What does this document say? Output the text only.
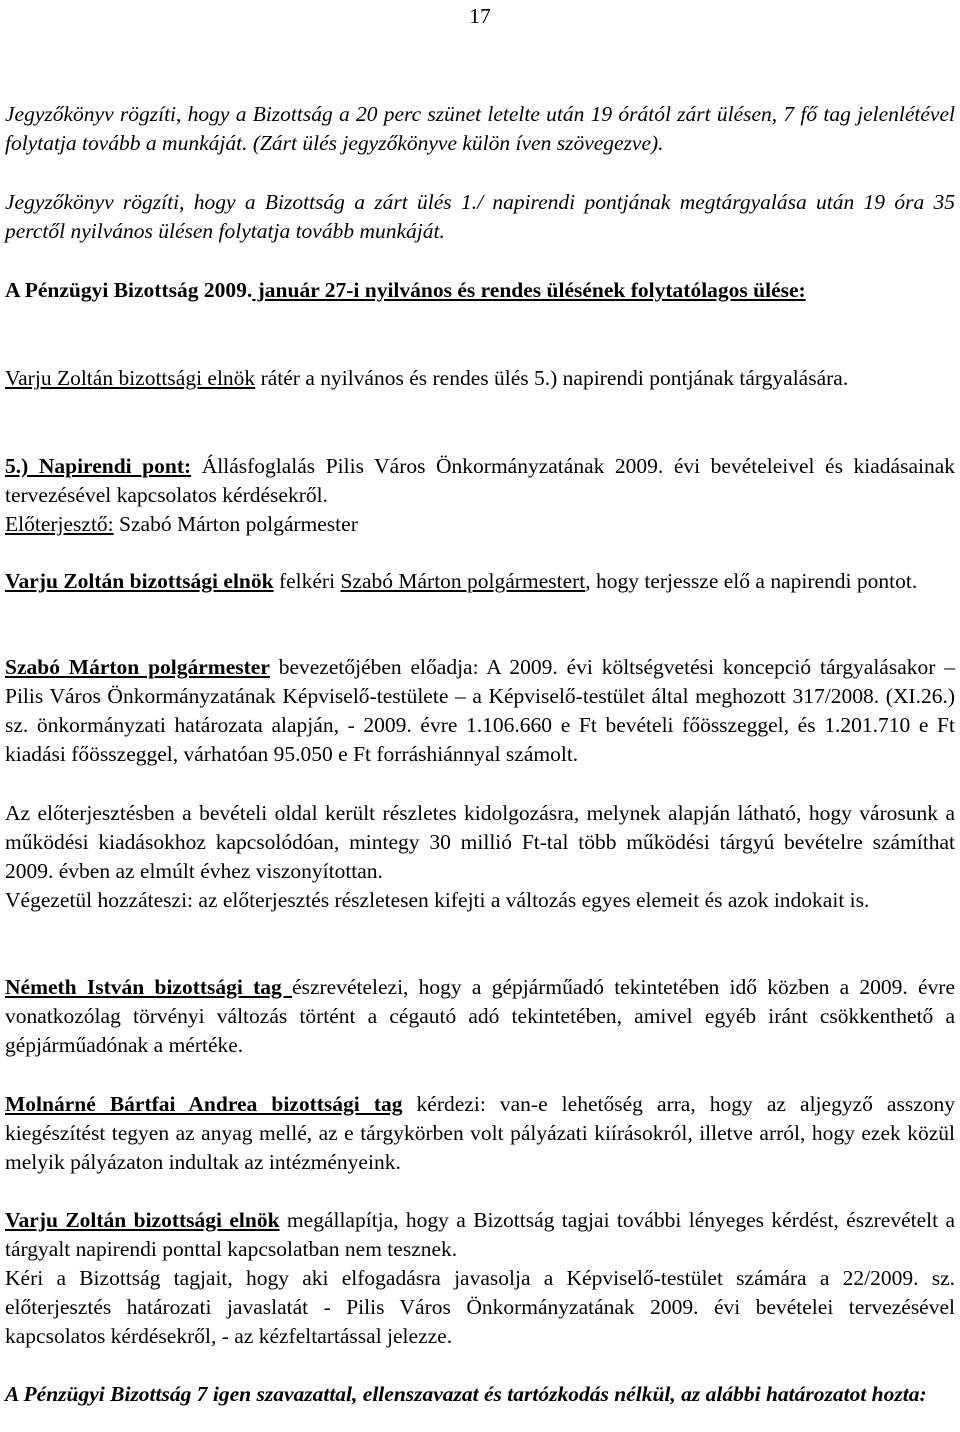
17

Jegyzőkönyv rögzíti, hogy a Bizottság a 20 perc szünet letelte után 19 órától zárt ülésen, 7 fő tag jelenlétével folytatja tovább a munkáját. (Zárt ülés jegyzőkönyve külön íven szövegezve).

Jegyzőkönyv rögzíti, hogy a Bizottság a zárt ülés 1./ napirendi pontjának megtárgyalása után 19 óra 35 perctől nyilvános ülésen folytatja tovább munkáját.

A Pénzügyi Bizottság 2009. január 27-i nyilvános és rendes ülésének folytatólagos ülése:

Varju Zoltán bizottsági elnök rátér a nyilvános és rendes ülés 5.) napirendi pontjának tárgyalására.

5.) Napirendi pont: Állásfoglalás Pilis Város Önkormányzatának 2009. évi bevételeivel és kiadásainak tervezésével kapcsolatos kérdésekről.

Előterjesztő: Szabó Márton polgármester

Varju Zoltán bizottsági elnök felkéri Szabó Márton polgármestert, hogy terjessze elő a napirendi pontot.

Szabó Márton polgármester bevezetőjében előadja: A 2009. évi költségvetési koncepció tárgyalásakor – Pilis Város Önkormányzatának Képviselő-testülete – a Képviselő-testület által meghozott 317/2008. (XI.26.) sz. önkormányzati határozata alapján, - 2009. évre 1.106.660 e Ft bevételi főösszeggel, és 1.201.710 e Ft kiadási főösszeggel, várhatóan 95.050 e Ft forráshiánnyal számolt.

Az előterjesztésben a bevételi oldal került részletes kidolgozásra, melynek alapján látható, hogy városunk a működési kiadásokhoz kapcsolódóan, mintegy 30 millió Ft-tal több működési tárgyú bevételre számíthat 2009. évben az elmúlt évhez viszonyítottan.

Végezetül hozzáteszi: az előterjesztés részletesen kifejti a változás egyes elemeit és azok indokait is.

Németh István bizottsági tag észrevételezi, hogy a gépjárműadó tekintetében idő közben a 2009. évre vonatkozólag törvényi változás történt a cégautó adó tekintetében, amivel egyéb iránt csökkenthető a gépjárműadónak a mértéke.

Molnárné Bártfai Andrea bizottsági tag kérdezi: van-e lehetőség arra, hogy az aljegyző asszony kiegészítést tegyen az anyag mellé, az e tárgykörben volt pályázati kiírásokról, illetve arról, hogy ezek közül melyik pályázaton indultak az intézményeink.

Varju Zoltán bizottsági elnök megállapítja, hogy a Bizottság tagjai további lényeges kérdést, észrevételt a tárgyalt napirendi ponttal kapcsolatban nem tesznek.

Kéri a Bizottság tagjait, hogy aki elfogadásra javasolja a Képviselő-testület számára a 22/2009. sz. előterjesztés határozati javaslatát - Pilis Város Önkormányzatának 2009. évi bevételei tervezésével kapcsolatos kérdésekről, - az kézfeltartással jelezze.

A Pénzügyi Bizottság 7 igen szavazattal, ellenszavazat és tartózkodás nélkül, az alábbi határozatot hozta:
